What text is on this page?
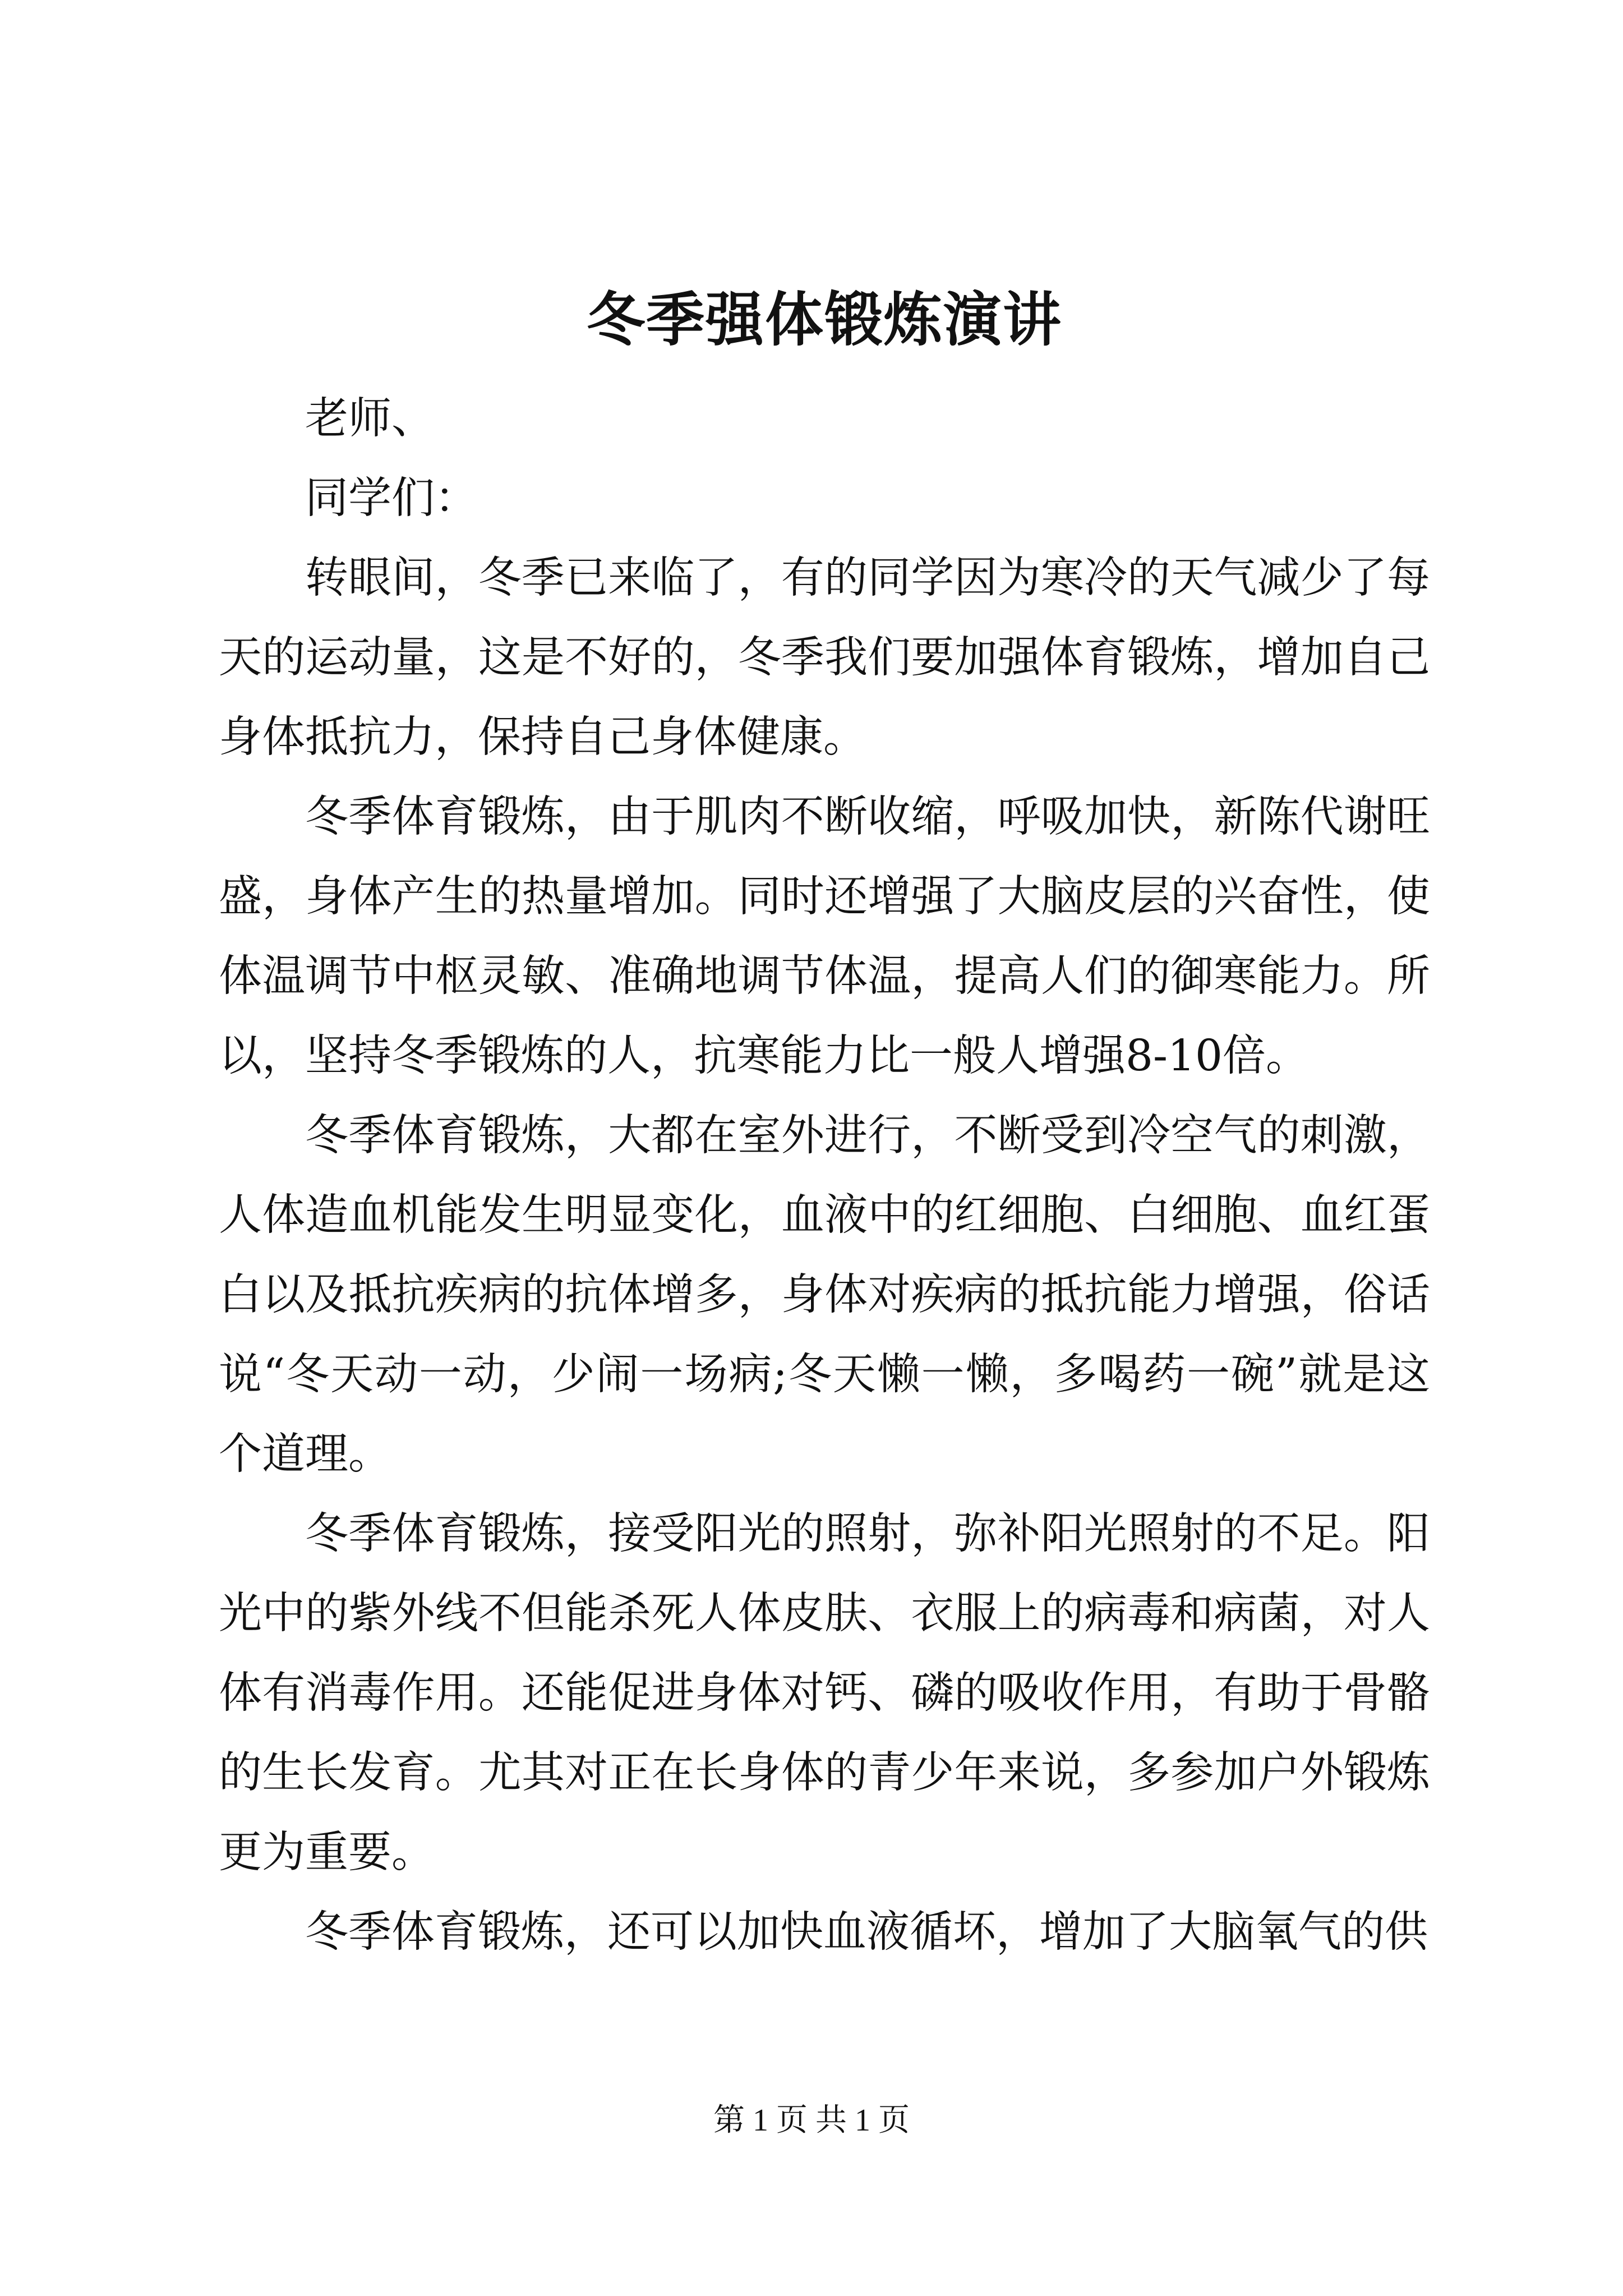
冬季强体锻炼演讲

老师、

同学们：

转眼间，冬季已来临了，有的同学因为寒冷的天气减少了每天的运动量，这是不好的，冬季我们要加强体育锻炼，增加自己身体抵抗力，保持自己身体健康。

冬季体育锻炼，由于肌肉不断收缩，呼吸加快，新陈代谢旺盛，身体产生的热量增加。同时还增强了大脑皮层的兴奋性，使体温调节中枢灵敏、准确地调节体温，提高人们的御寒能力。所以，坚持冬季锻炼的人，抗寒能力比一般人增强8-10倍。

冬季体育锻炼，大都在室外进行，不断受到冷空气的刺激，人体造血机能发生明显变化，血液中的红细胞、白细胞、血红蛋白以及抵抗疾病的抗体增多，身体对疾病的抵抗能力增强，俗话说“冬天动一动，少闹一场病;冬天懒一懒，多喝药一碗”就是这个道理。

冬季体育锻炼，接受阳光的照射，弥补阳光照射的不足。阳光中的紫外线不但能杀死人体皮肤、衣服上的病毒和病菌，对人体有消毒作用。还能促进身体对钙、磷的吸收作用，有助于骨骼的生长发育。尤其对正在长身体的青少年来说，多参加户外锻炼更为重要。

冬季体育锻炼，还可以加快血液循坏，增加了大脑氧气的供

第 1 页 共 1 页
